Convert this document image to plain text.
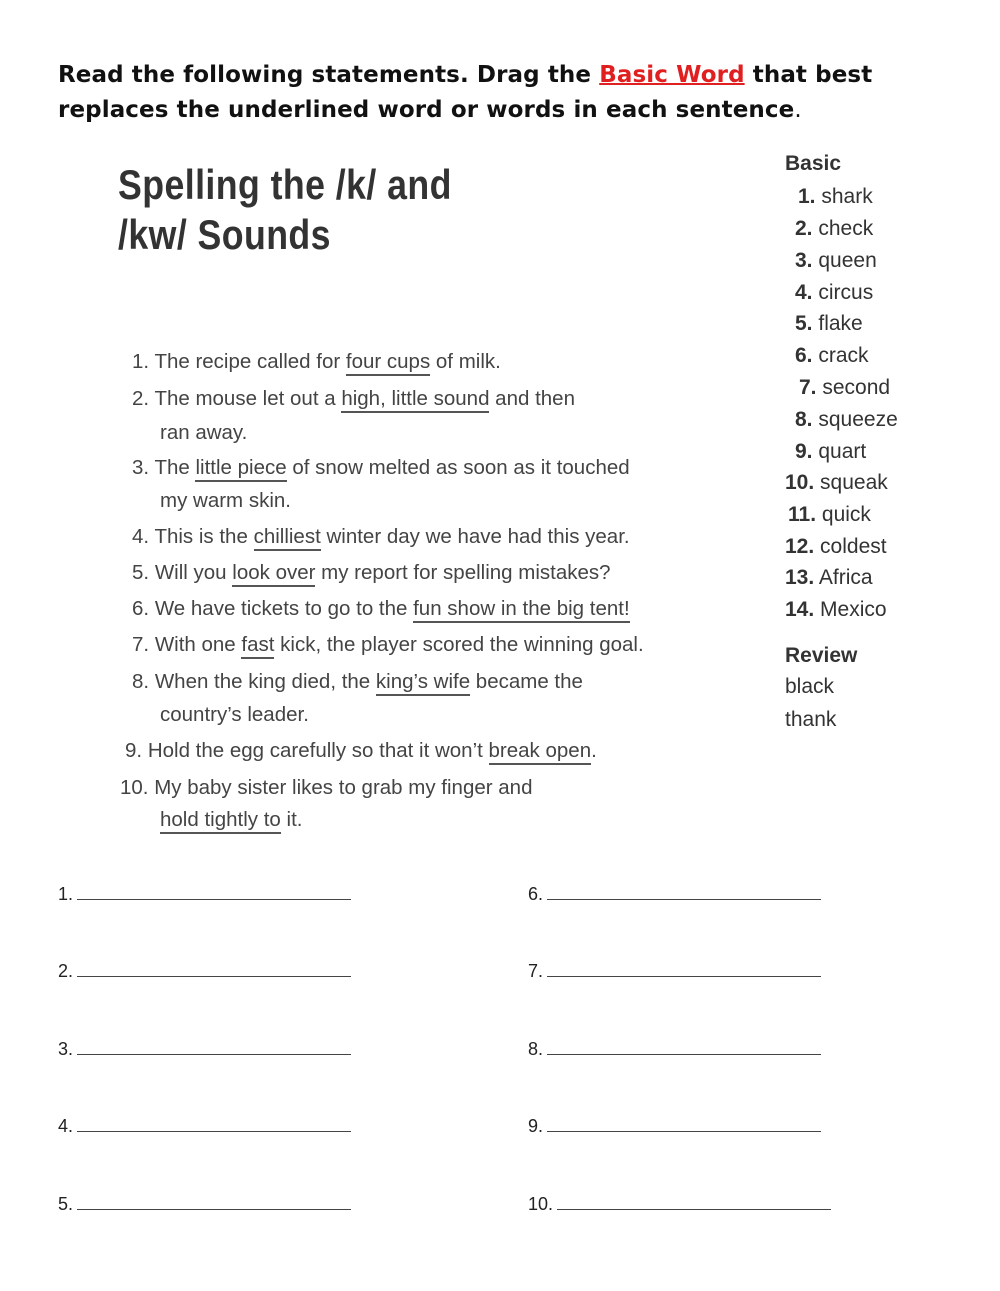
Read the following statements. Drag the Basic Word that best replaces the underlined word or words in each sentence.
Spelling the /k/ and
/kw/ Sounds
1. The recipe called for four cups of milk.
2. The mouse let out a high, little sound and then
ran away.
3. The little piece of snow melted as soon as it touched
my warm skin.
4. This is the chilliest winter day we have had this year.
5. Will you look over my report for spelling mistakes?
6. We have tickets to go to the fun show in the big tent!
7. With one fast kick, the player scored the winning goal.
8. When the king died, the king’s wife became the
country’s leader.
9. Hold the egg carefully so that it won’t break open.
10. My baby sister likes to grab my finger and
hold tightly to it.
Basic
1. shark
2. check
3. queen
4. circus
5. flake
6. crack
7. second
8. squeeze
9. quart
10. squeak
11. quick
12. coldest
13. Africa
14. Mexico
Review
black
thank
1.
2.
3.
4.
5.
6.
7.
8.
9.
10.
